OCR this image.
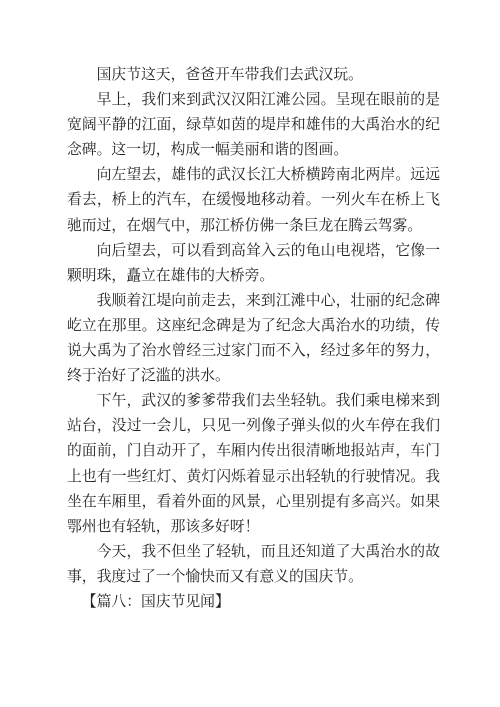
国庆节这天，爸爸开车带我们去武汉玩。

早上，我们来到武汉汉阳江滩公园。呈现在眼前的是宽阔平静的江面，绿草如茵的堤岸和雄伟的大禹治水的纪念碑。这一切，构成一幅美丽和谐的图画。

向左望去，雄伟的武汉长江大桥横跨南北两岸。远远看去，桥上的汽车，在缓慢地移动着。一列火车在桥上飞驰而过，在烟气中，那江桥仿佛一条巨龙在腾云驾雾。

向后望去，可以看到高耸入云的龟山电视塔，它像一颗明珠，矗立在雄伟的大桥旁。

我顺着江堤向前走去，来到江滩中心，壮丽的纪念碑屹立在那里。这座纪念碑是为了纪念大禹治水的功绩，传说大禹为了治水曾经三过家门而不入，经过多年的努力，终于治好了泛滥的洪水。

下午，武汉的爹爹带我们去坐轻轨。我们乘电梯来到站台，没过一会儿，只见一列像子弹头似的火车停在我们的面前，门自动开了，车厢内传出很清晰地报站声，车门上也有一些红灯、黄灯闪烁着显示出轻轨的行驶情况。我坐在车厢里，看着外面的风景，心里别提有多高兴。如果鄂州也有轻轨，那该多好呀！

今天，我不但坐了轻轨，而且还知道了大禹治水的故事，我度过了一个愉快而又有意义的国庆节。

【篇八：国庆节见闻】
